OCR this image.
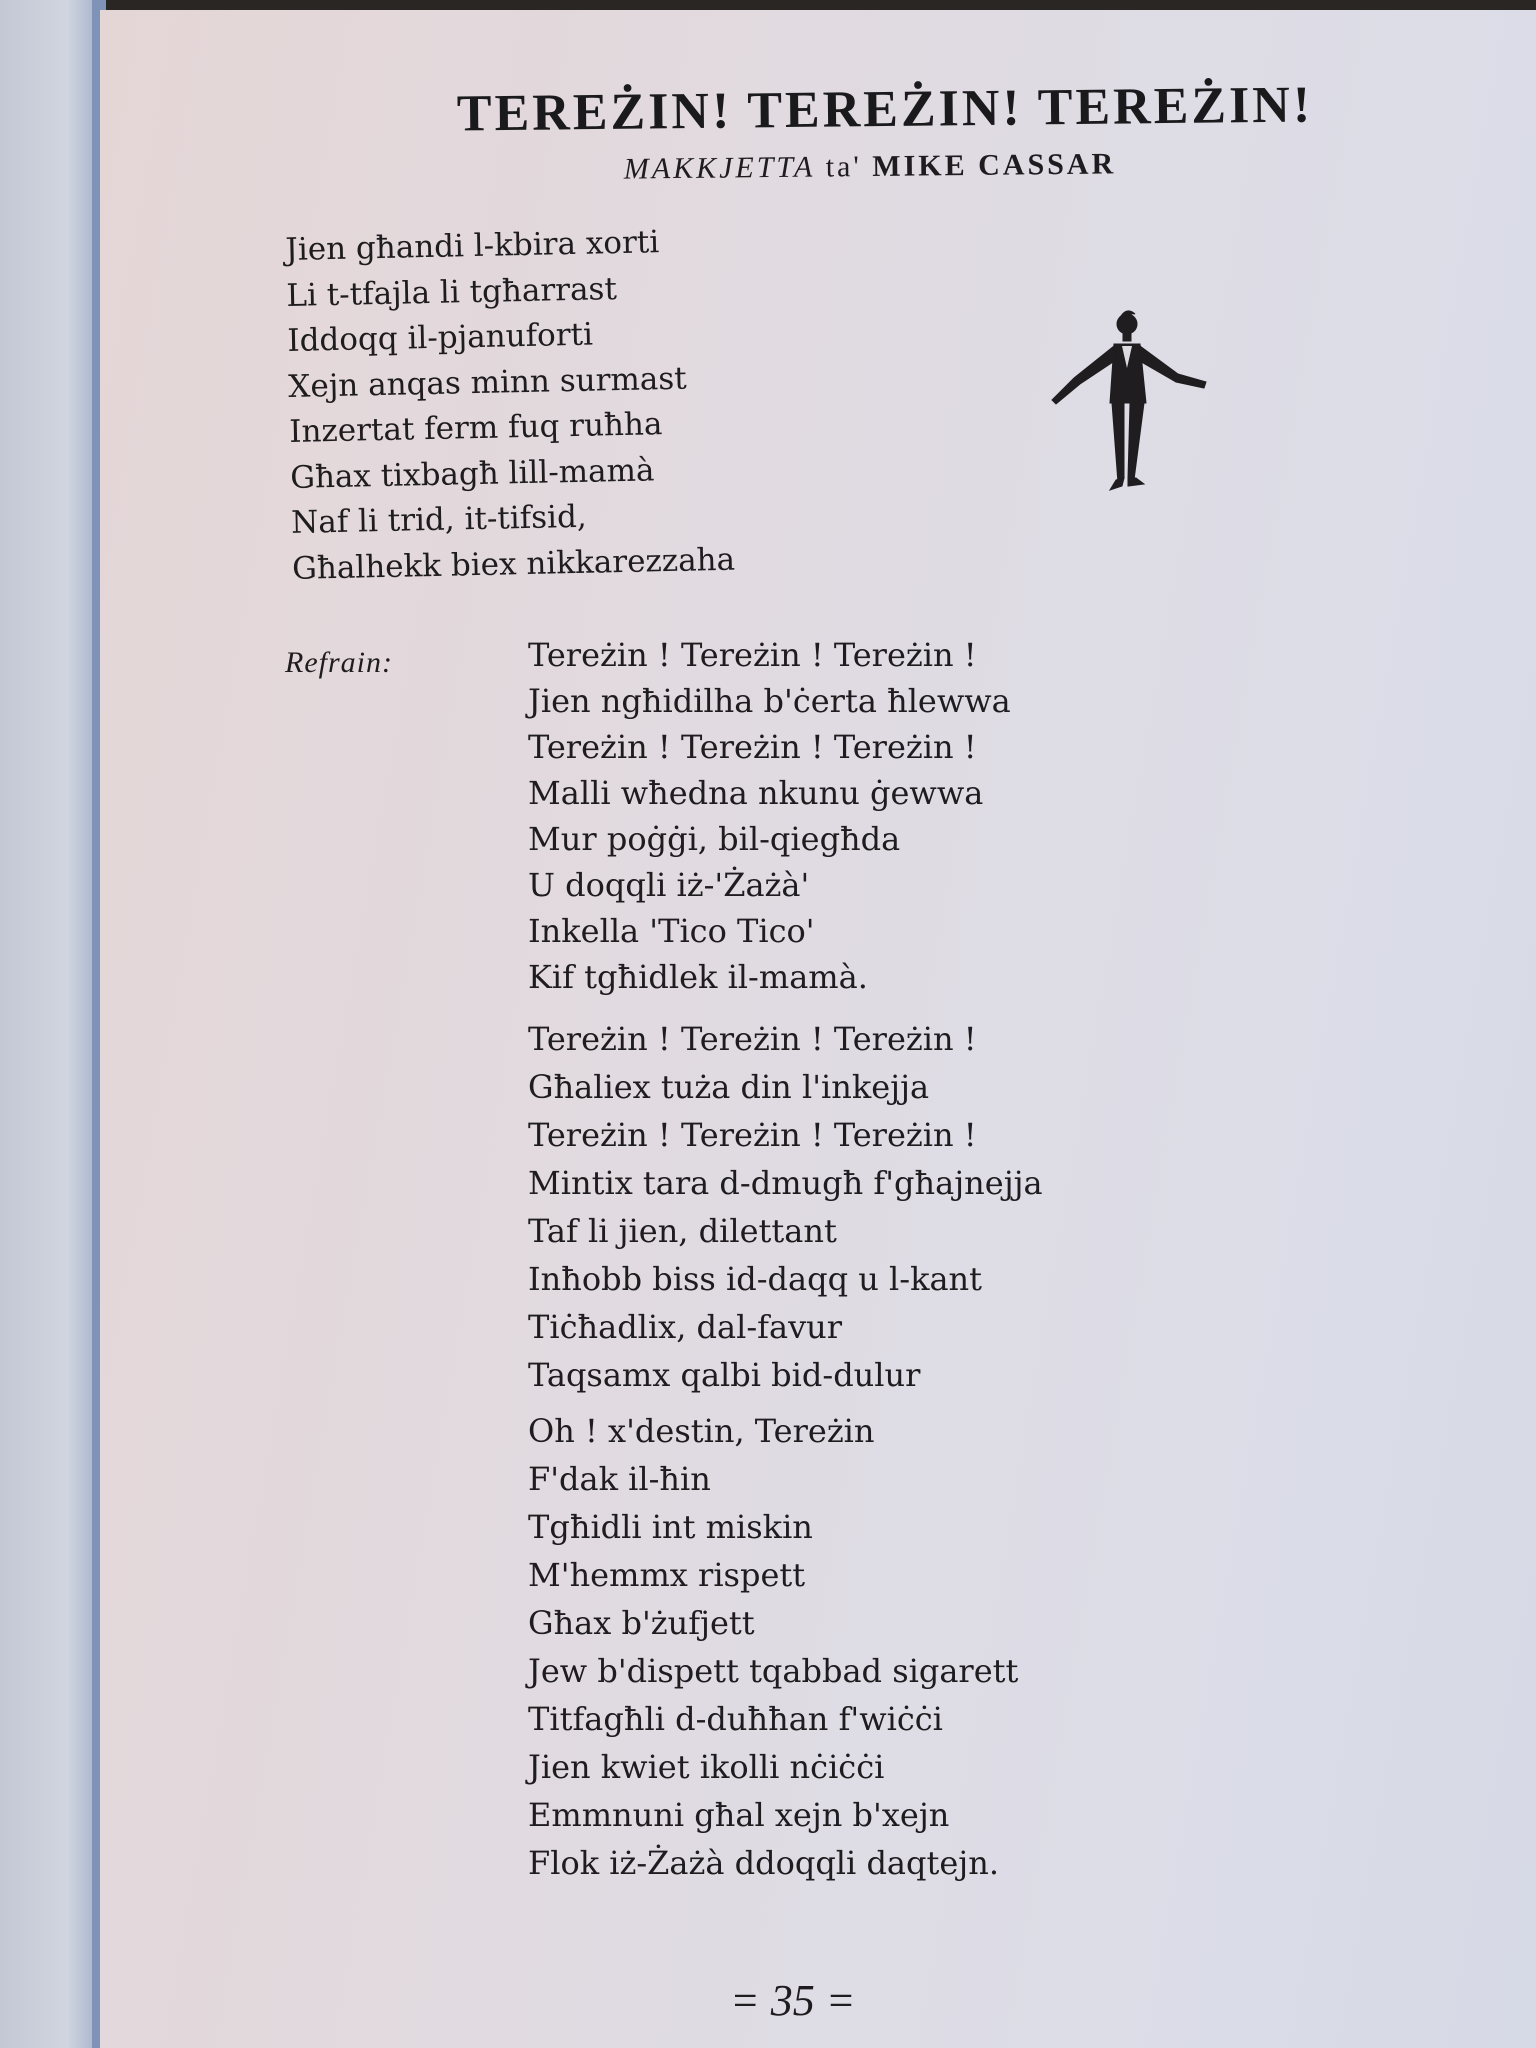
TEREŻIN! TEREŻIN! TEREŻIN!
MAKKJETTA ta' MIKE CASSAR
Jien għandi l-kbira xorti
Li t-tfajla li tgħarrast
Iddoqq il-pjanuforti
Xejn anqas minn surmast
Inzertat ferm fuq ruħha
Għax tixbagħ lill-mamà
Naf li trid, it-tifsid,
Għalhekk biex nikkarezzaha
Refrain:	Tereżin ! Tereżin ! Tereżin !
Jien ngħidilha b'ċerta ħlewwa
Tereżin ! Tereżin ! Tereżin !
Malli wħedna nkunu ġewwa
Mur poġġi, bil-qiegħda
U doqqli iż-'Żażà'
Inkella 'Tico Tico'
Kif tgħidlek il-mamà.
Tereżin ! Tereżin ! Tereżin !
Għaliex tuża din l'inkejja
Tereżin ! Tereżin ! Tereżin !
Mintix tara d-dmugħ f'għajnejja
Taf li jien, dilettant
Inħobb biss id-daqq u l-kant
Tiċħadlix, dal-favur
Taqsamx qalbi bid-dulur
Oh ! x'destin, Tereżin
F'dak il-ħin
Tgħidli int miskin
M'hemmx rispett
Għax b'żufjett
Jew b'dispett tqabbad sigarett
Titfagħli d-duħħan f'wiċċi
Jien kwiet ikolli nċiċċi
Emmnuni għal xejn b'xejn
Flok iż-Żażà ddoqqli daqtejn.
= 35 =
